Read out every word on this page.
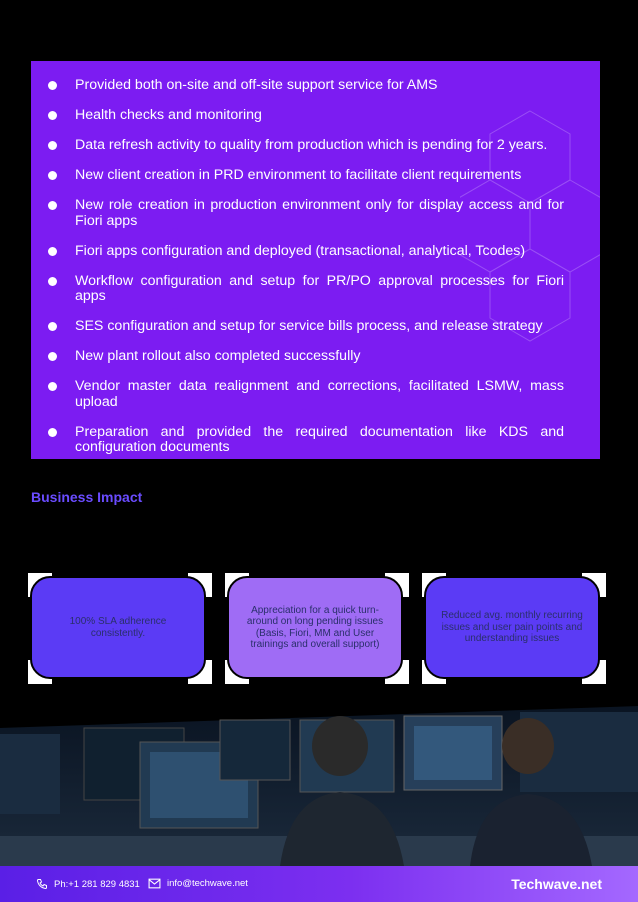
Provided both on-site and off-site support service for AMS
Health checks and monitoring
Data refresh activity to quality from production which is pending for 2 years.
New client creation in PRD environment to facilitate client requirements
New role creation in production environment only for display access and for Fiori apps
Fiori apps configuration and deployed (transactional, analytical, Tcodes)
Workflow configuration and setup for PR/PO approval processes for Fiori apps
SES configuration and setup for service bills process, and release strategy
New plant rollout also completed successfully
Vendor master data realignment and corrections, facilitated LSMW, mass upload
Preparation and provided the required documentation like KDS and configuration documents
Business Impact
100% SLA adherence consistently.
Appreciation for a quick turn-around on long pending issues (Basis, Fiori, MM and User trainings and overall support)
Reduced avg. monthly recurring issues and user pain points and understanding issues
Ph:+1 281 829 4831	info@techwave.net	Techwave.net
